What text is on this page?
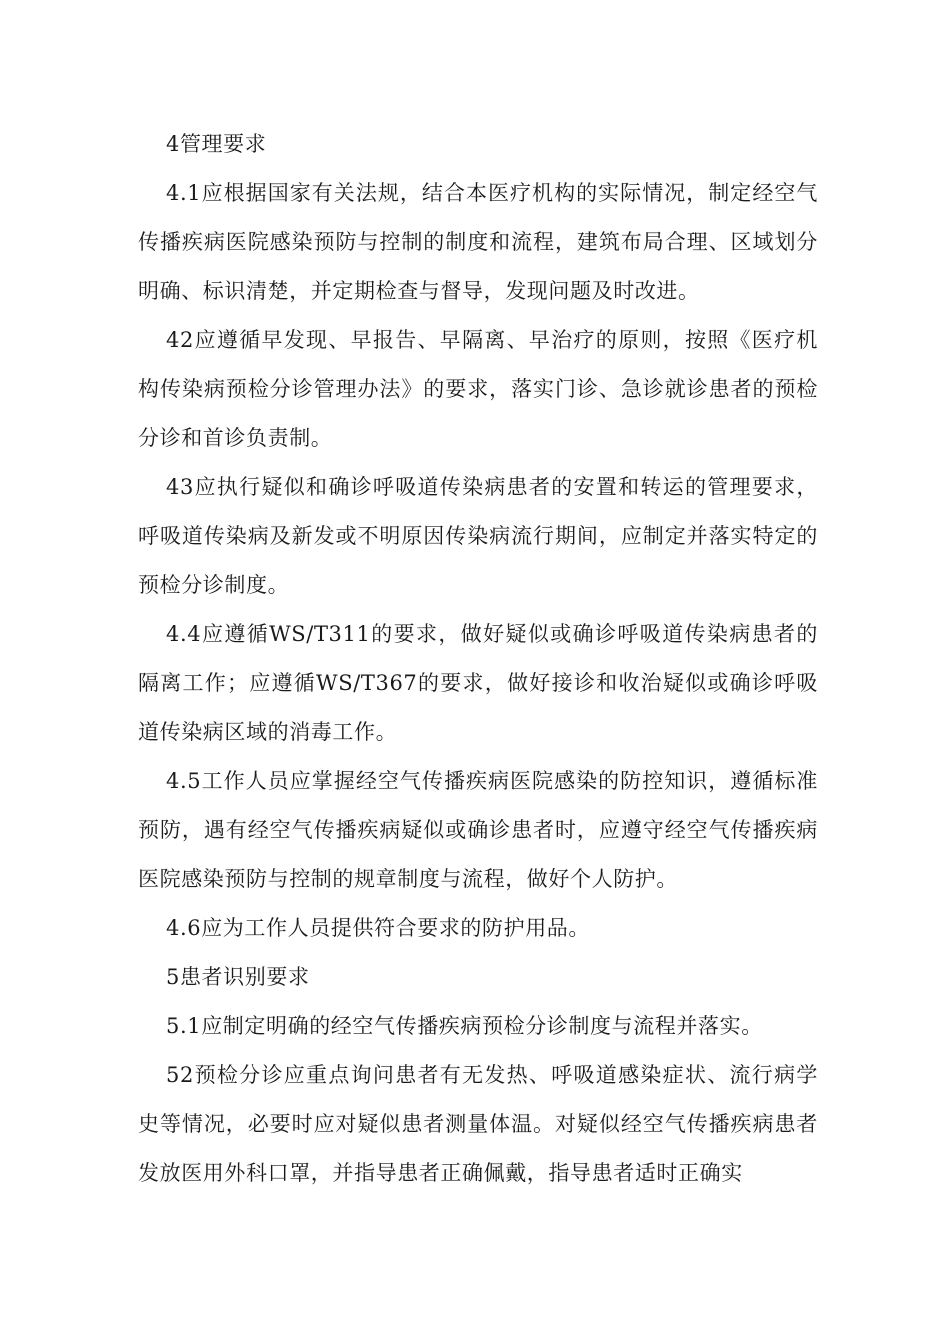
4管理要求

4.1应根据国家有关法规，结合本医疗机构的实际情况，制定经空气传播疾病医院感染预防与控制的制度和流程，建筑布局合理、区域划分明确、标识清楚，并定期检查与督导，发现问题及时改进。

42应遵循早发现、早报告、早隔离、早治疗的原则，按照《医疗机构传染病预检分诊管理办法》的要求，落实门诊、急诊就诊患者的预检分诊和首诊负责制。

43应执行疑似和确诊呼吸道传染病患者的安置和转运的管理要求，呼吸道传染病及新发或不明原因传染病流行期间，应制定并落实特定的预检分诊制度。

4.4应遵循WS/T311的要求，做好疑似或确诊呼吸道传染病患者的隔离工作；应遵循WS/T367的要求，做好接诊和收治疑似或确诊呼吸道传染病区域的消毒工作。

4.5工作人员应掌握经空气传播疾病医院感染的防控知识，遵循标准预防，遇有经空气传播疾病疑似或确诊患者时，应遵守经空气传播疾病医院感染预防与控制的规章制度与流程，做好个人防护。

4.6应为工作人员提供符合要求的防护用品。

5患者识别要求

5.1应制定明确的经空气传播疾病预检分诊制度与流程并落实。

52预检分诊应重点询问患者有无发热、呼吸道感染症状、流行病学史等情况，必要时应对疑似患者测量体温。对疑似经空气传播疾病患者发放医用外科口罩，并指导患者正确佩戴，指导患者适时正确实
